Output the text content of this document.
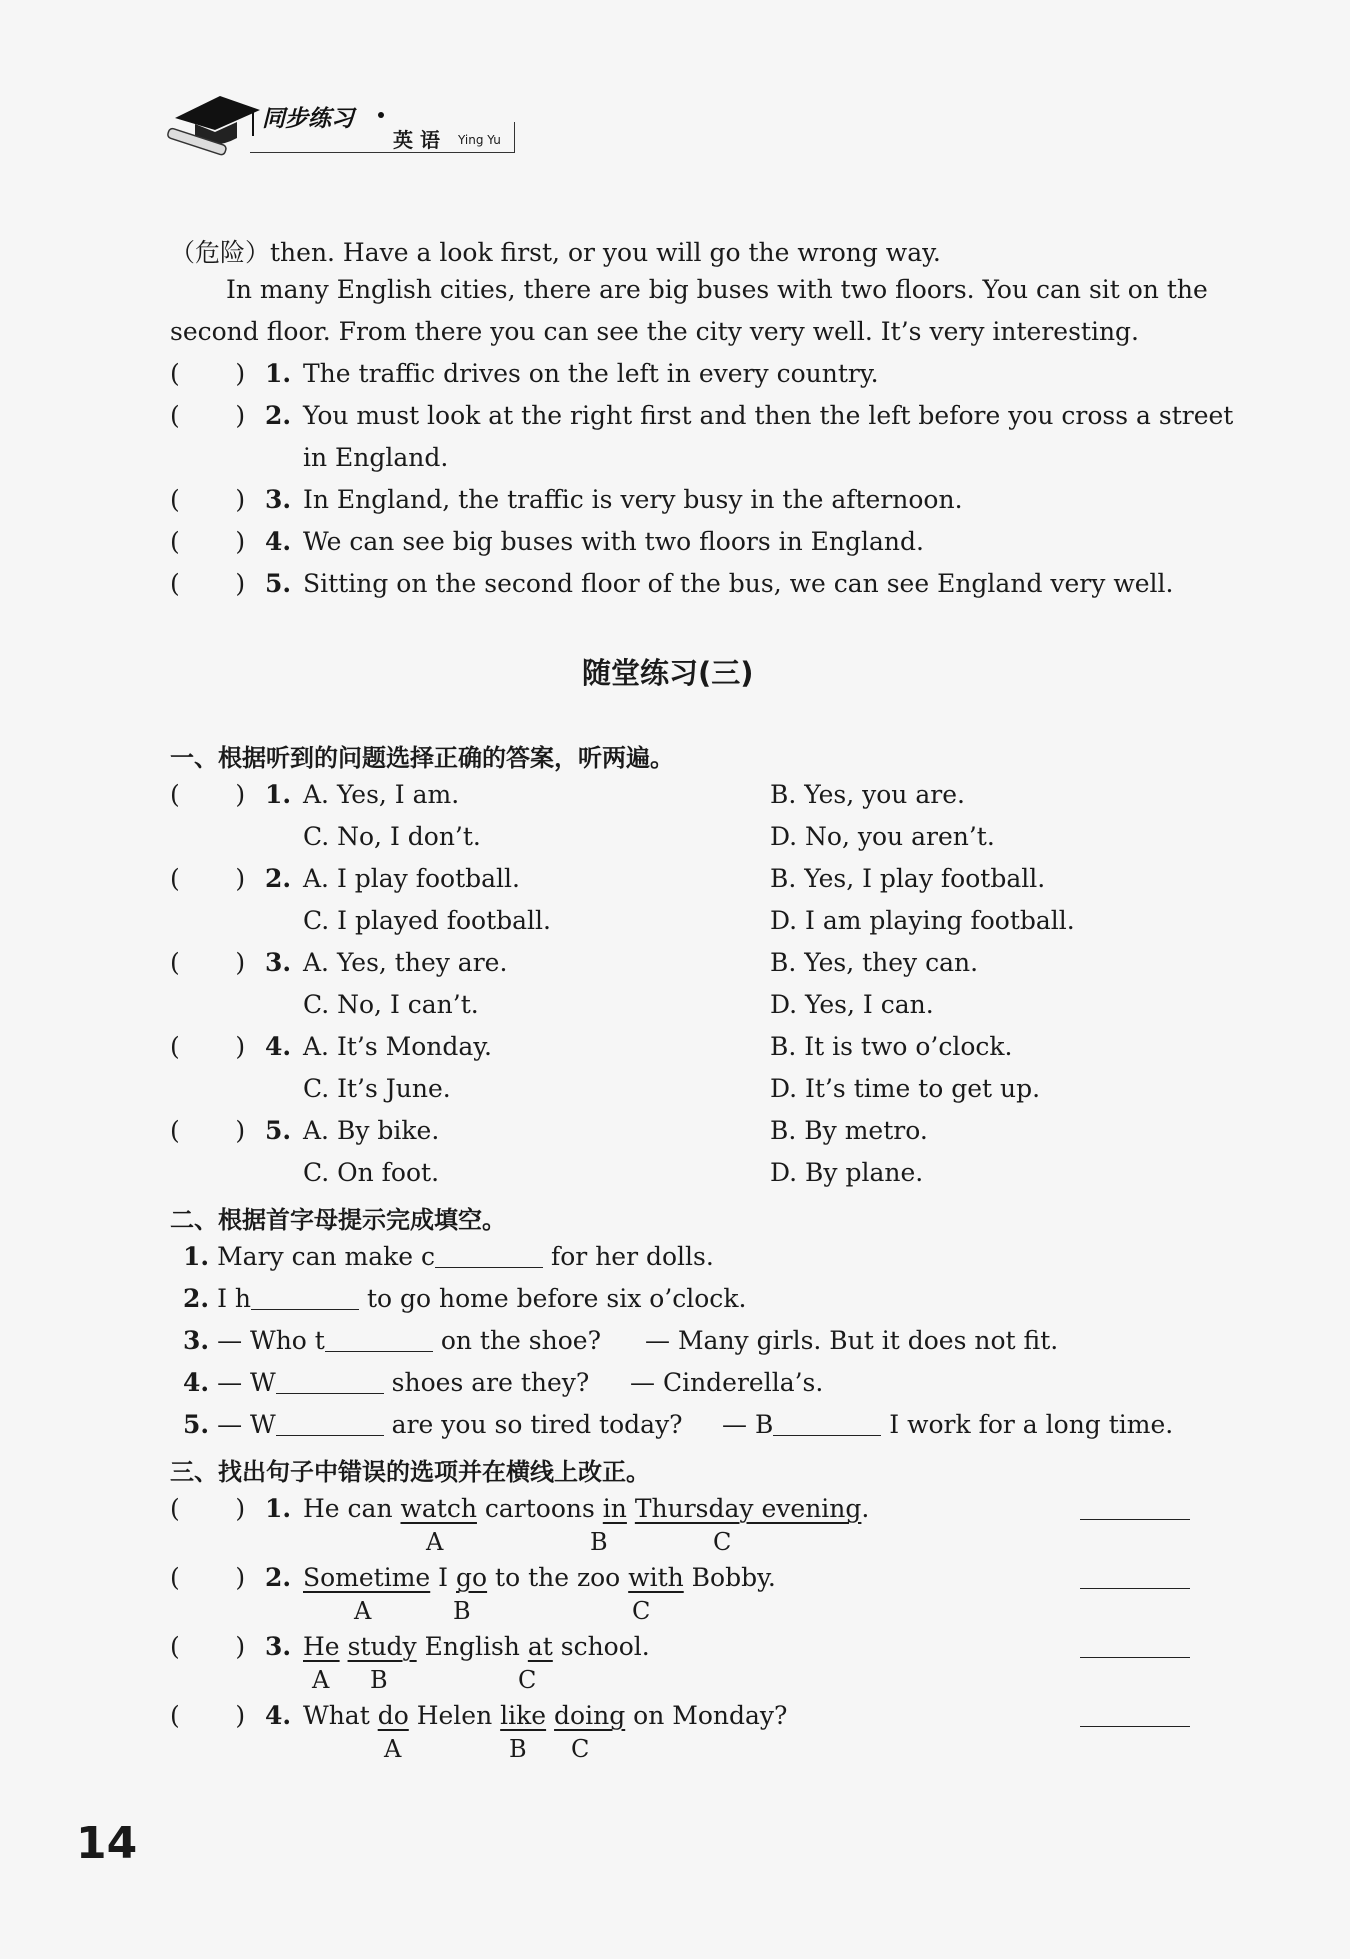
同步练习
英 语 Ying Yu
（危险）then. Have a look first, or you will go the wrong way.
In many English cities, there are big buses with two floors. You can sit on the
second floor. From there you can see the city very well. It’s very interesting.
(       ) 1. The traffic drives on the left in every country.
(       ) 2. You must look at the right first and then the left before you cross a street
in England.
(       ) 3. In England, the traffic is very busy in the afternoon.
(       ) 4. We can see big buses with two floors in England.
(       ) 5. Sitting on the second floor of the bus, we can see England very well.
随堂练习(三)
一、根据听到的问题选择正确的答案，听两遍。
(       ) 1. A. Yes, I am.	B. Yes, you are.
C. No, I don’t.	D. No, you aren’t.
(       ) 2. A. I play football.	B. Yes, I play football.
C. I played football.	D. I am playing football.
(       ) 3. A. Yes, they are.	B. Yes, they can.
C. No, I can’t.	D. Yes, I can.
(       ) 4. A. It’s Monday.	B. It is two o’clock.
C. It’s June.	D. It’s time to get up.
(       ) 5. A. By bike.	B. By metro.
C. On foot.	D. By plane.
二、根据首字母提示完成填空。
1. Mary can make c	for her dolls.
2. I h	to go home before six o’clock.
3. — Who t	on the shoe? — Many girls. But it does not fit.
4. — W	shoes are they? — Cinderella’s.
5. — W	are you so tired today? — B	I work for a long time.
三、找出句子中错误的选项并在横线上改正。
(       ) 1. He can watch cartoons in Thursday evening.
A	B	C
(       ) 2. Sometime I go to the zoo with Bobby.
A	B	C
(       ) 3. He study English at school.
A B	C
(       ) 4. What do Helen like doing on Monday?
A	B C
14
